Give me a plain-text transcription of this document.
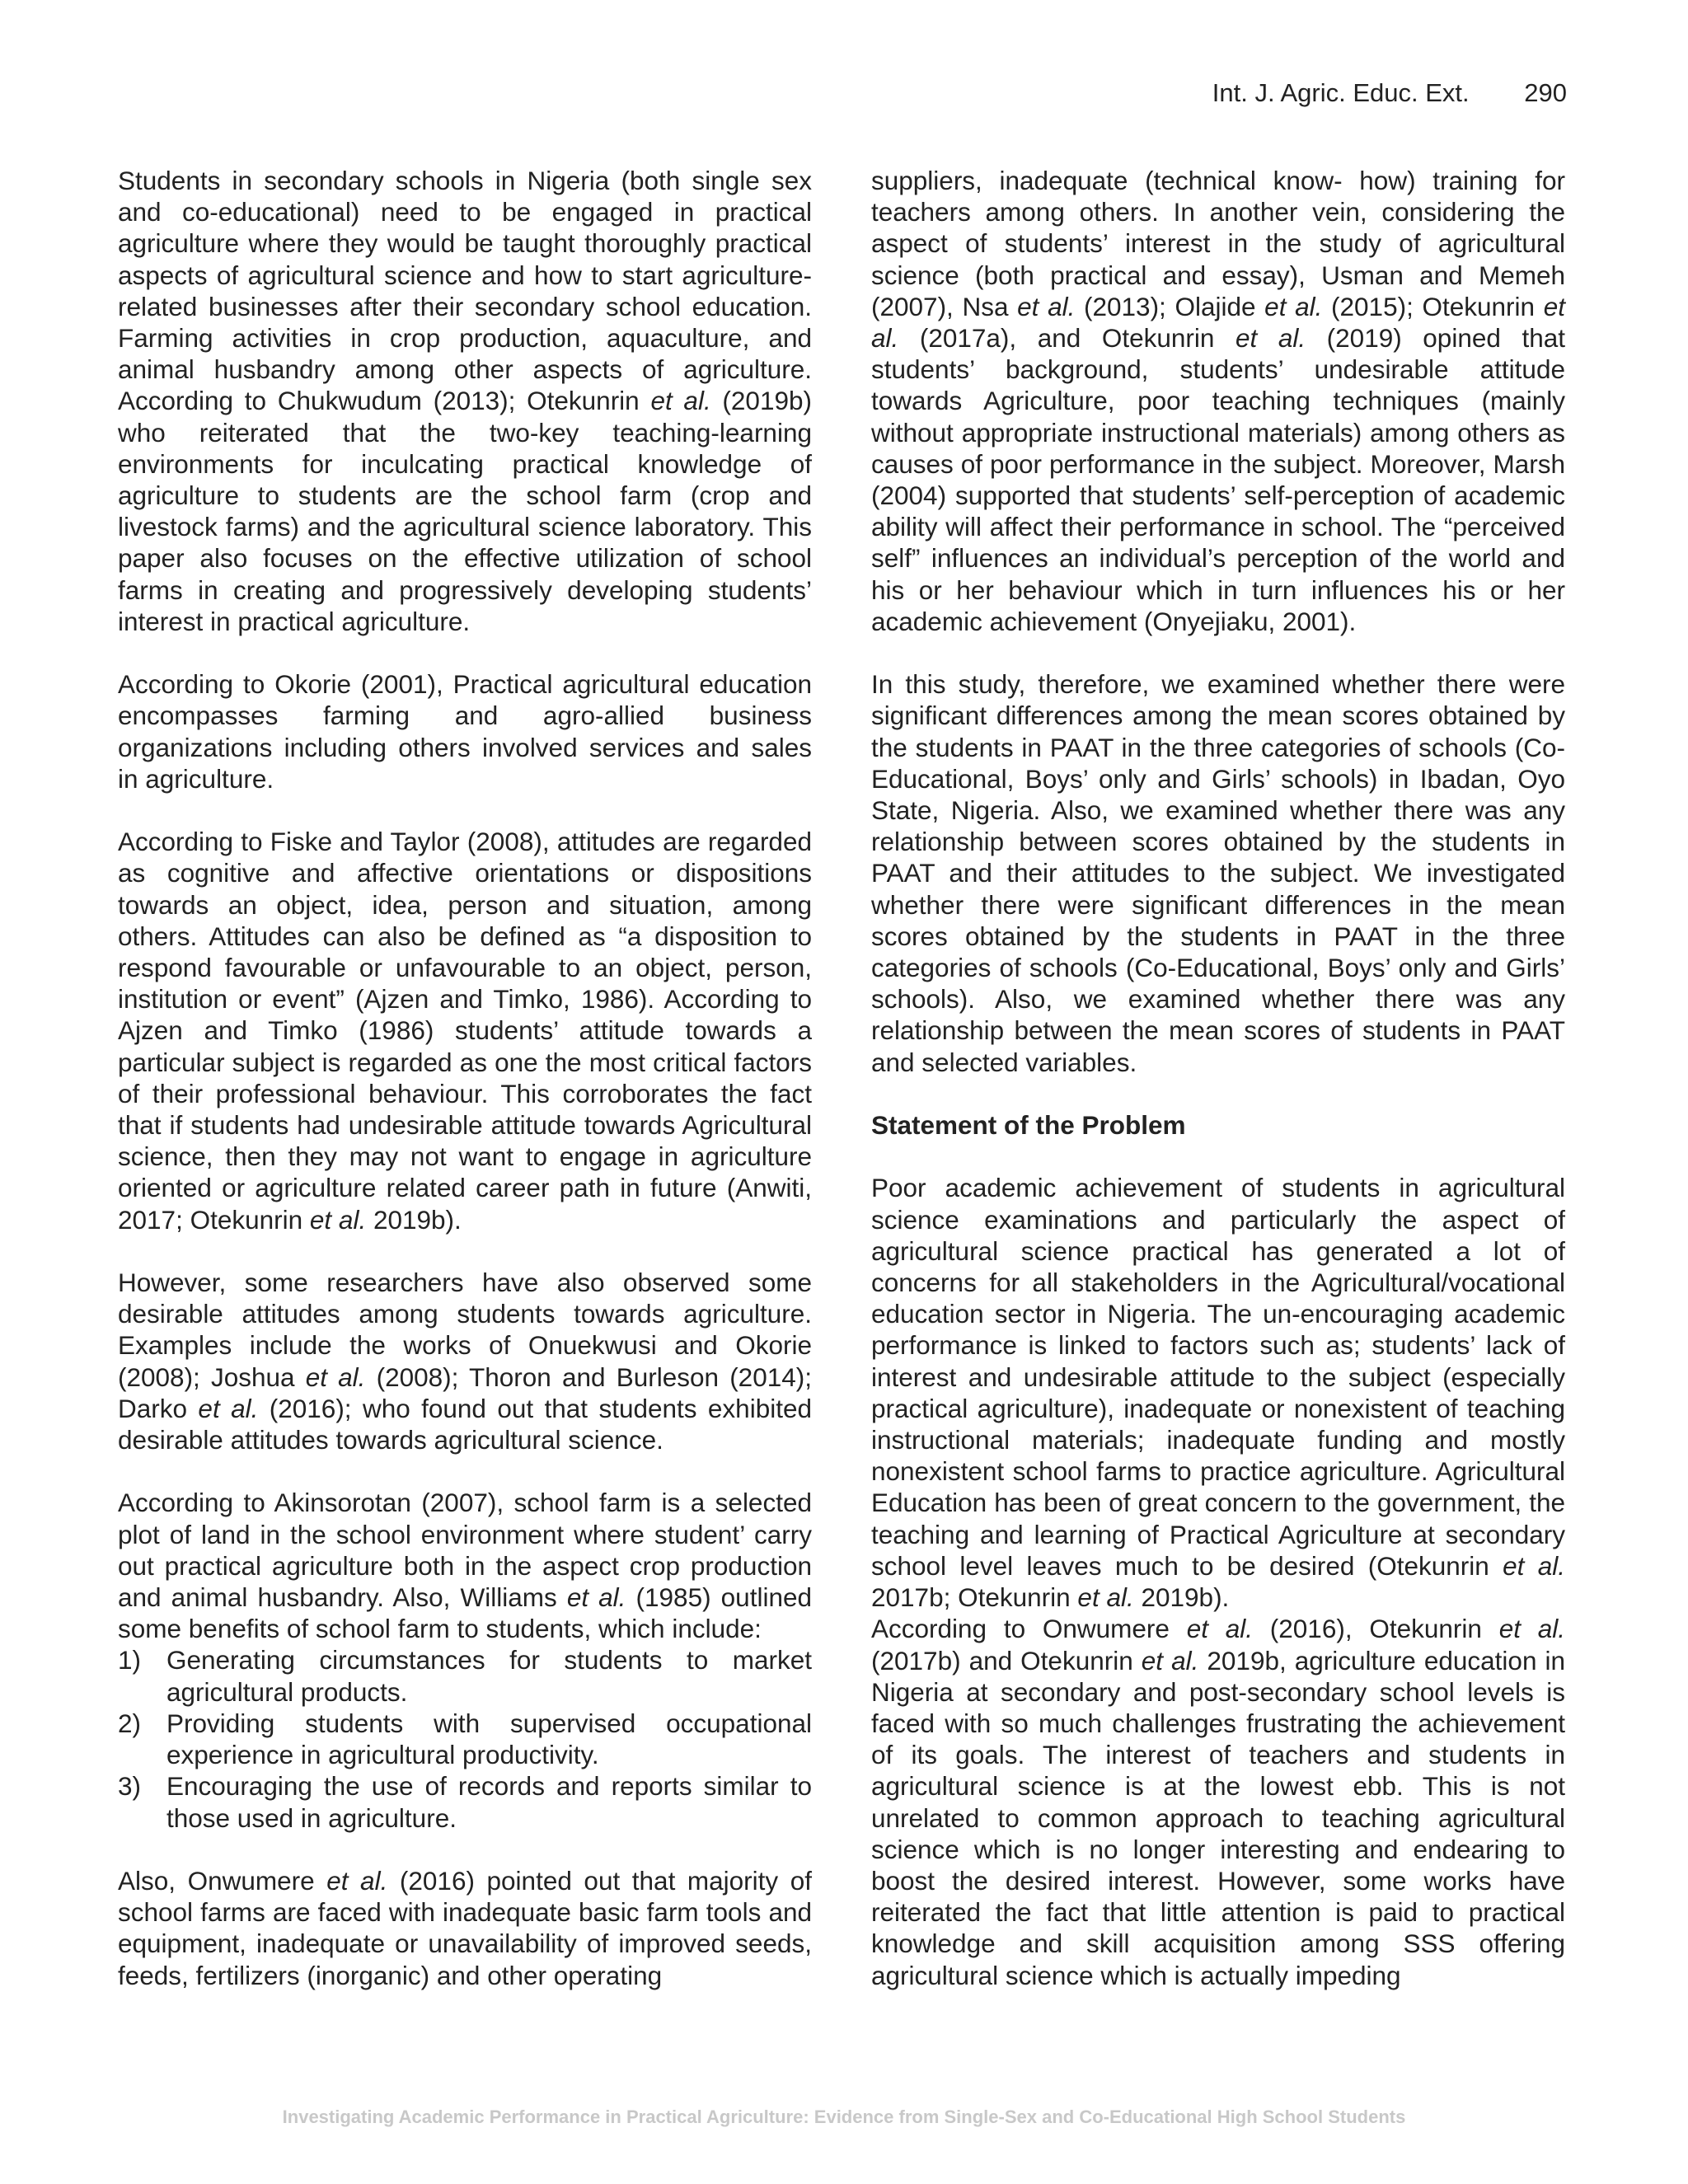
Int. J. Agric. Educ. Ext. 290

Students in secondary schools in Nigeria (both single sex and co-educational) need to be engaged in practical agriculture where they would be taught thoroughly practical aspects of agricultural science and how to start agriculture-related businesses after their secondary school education. Farming activities in crop production, aquaculture, and animal husbandry among other aspects of agriculture. According to Chukwudum (2013); Otekunrin et al. (2019b) who reiterated that the two-key teaching-learning environments for inculcating practical knowledge of agriculture to students are the school farm (crop and livestock farms) and the agricultural science laboratory. This paper also focuses on the effective utilization of school farms in creating and progressively developing students’ interest in practical agriculture.

According to Okorie (2001), Practical agricultural education encompasses farming and agro-allied business organizations including others involved services and sales in agriculture.

According to Fiske and Taylor (2008), attitudes are regarded as cognitive and affective orientations or dispositions towards an object, idea, person and situation, among others. Attitudes can also be defined as “a disposition to respond favourable or unfavourable to an object, person, institution or event” (Ajzen and Timko, 1986). According to Ajzen and Timko (1986) students’ attitude towards a particular subject is regarded as one the most critical factors of their professional behaviour. This corroborates the fact that if students had undesirable attitude towards Agricultural science, then they may not want to engage in agriculture oriented or agriculture related career path in future (Anwiti, 2017; Otekunrin et al. 2019b).

However, some researchers have also observed some desirable attitudes among students towards agriculture. Examples include the works of Onuekwusi and Okorie (2008); Joshua et al. (2008); Thoron and Burleson (2014); Darko et al. (2016); who found out that students exhibited desirable attitudes towards agricultural science.

According to Akinsorotan (2007), school farm is a selected plot of land in the school environment where student’ carry out practical agriculture both in the aspect crop production and animal husbandry. Also, Williams et al. (1985) outlined some benefits of school farm to students, which include:

1) Generating circumstances for students to market agricultural products.
2) Providing students with supervised occupational experience in agricultural productivity.
3) Encouraging the use of records and reports similar to those used in agriculture.

Also, Onwumere et al. (2016) pointed out that majority of school farms are faced with inadequate basic farm tools and equipment, inadequate or unavailability of improved seeds, feeds, fertilizers (inorganic) and other operating

suppliers, inadequate (technical know- how) training for teachers among others. In another vein, considering the aspect of students’ interest in the study of agricultural science (both practical and essay), Usman and Memeh (2007), Nsa et al. (2013); Olajide et al. (2015); Otekunrin et al. (2017a), and Otekunrin et al. (2019) opined that students’ background, students’ undesirable attitude towards Agriculture, poor teaching techniques (mainly without appropriate instructional materials) among others as causes of poor performance in the subject. Moreover, Marsh (2004) supported that students’ self-perception of academic ability will affect their performance in school. The “perceived self” influences an individual’s perception of the world and his or her behaviour which in turn influences his or her academic achievement (Onyejiaku, 2001).

In this study, therefore, we examined whether there were significant differences among the mean scores obtained by the students in PAAT in the three categories of schools (Co-Educational, Boys’ only and Girls’ schools) in Ibadan, Oyo State, Nigeria. Also, we examined whether there was any relationship between scores obtained by the students in PAAT and their attitudes to the subject. We investigated whether there were significant differences in the mean scores obtained by the students in PAAT in the three categories of schools (Co-Educational, Boys’ only and Girls’ schools). Also, we examined whether there was any relationship between the mean scores of students in PAAT and selected variables.

Statement of the Problem

Poor academic achievement of students in agricultural science examinations and particularly the aspect of agricultural science practical has generated a lot of concerns for all stakeholders in the Agricultural/vocational education sector in Nigeria. The un-encouraging academic performance is linked to factors such as; students’ lack of interest and undesirable attitude to the subject (especially practical agriculture), inadequate or nonexistent of teaching instructional materials; inadequate funding and mostly nonexistent school farms to practice agriculture. Agricultural Education has been of great concern to the government, the teaching and learning of Practical Agriculture at secondary school level leaves much to be desired (Otekunrin et al. 2017b; Otekunrin et al. 2019b).

According to Onwumere et al. (2016), Otekunrin et al. (2017b) and Otekunrin et al. 2019b, agriculture education in Nigeria at secondary and post-secondary school levels is faced with so much challenges frustrating the achievement of its goals. The interest of teachers and students in agricultural science is at the lowest ebb. This is not unrelated to common approach to teaching agricultural science which is no longer interesting and endearing to boost the desired interest. However, some works have reiterated the fact that little attention is paid to practical knowledge and skill acquisition among SSS offering agricultural science which is actually impeding

Investigating Academic Performance in Practical Agriculture: Evidence from Single-Sex and Co-Educational High School Students
